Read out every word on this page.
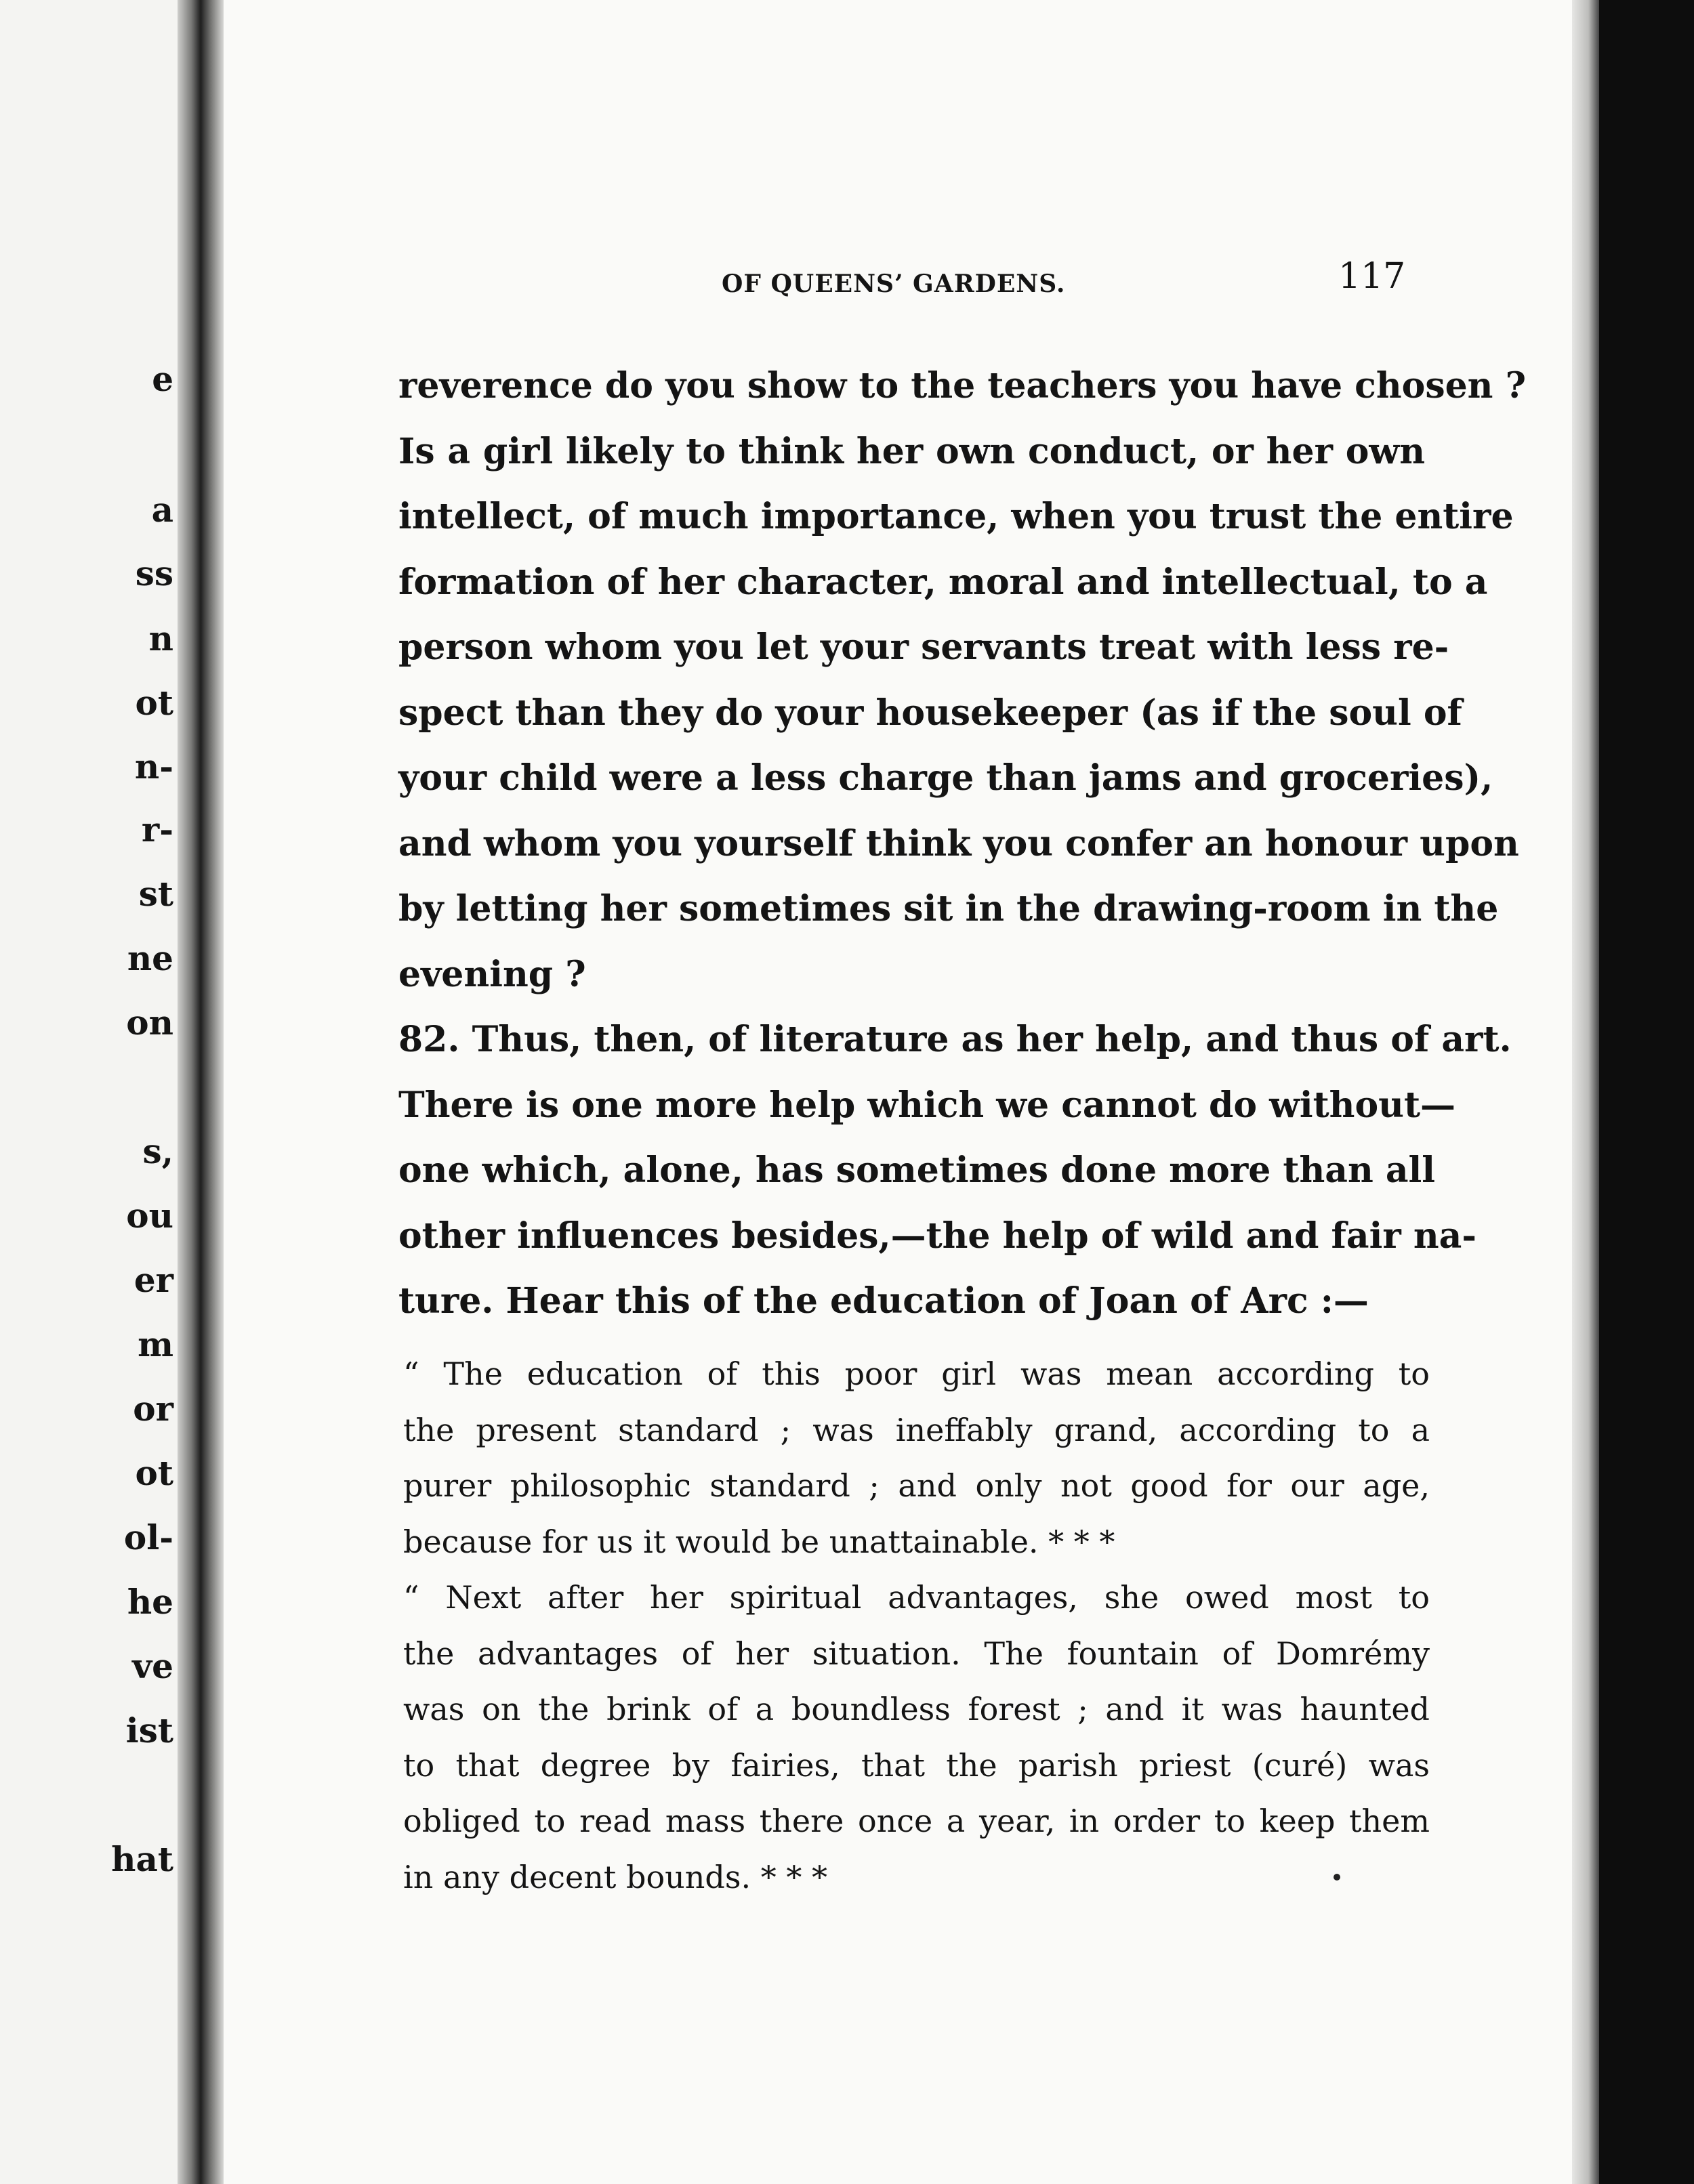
e
a
ss
n
ot
n-
r-
st
ne
on
s,
ou
er
m
or
ot
ol-
he
ve
ist
hat
OF QUEENS’ GARDENS.	117
reverence do you show to the teachers you have chosen ?
Is a girl likely to think her own conduct, or her own
intellect, of much importance, when you trust the entire
formation of her character, moral and intellectual, to a
person whom you let your servants treat with less re-
spect than they do your housekeeper (as if the soul of
your child were a less charge than jams and groceries),
and whom you yourself think you confer an honour upon
by letting her sometimes sit in the drawing-room in the
evening ?
82. Thus, then, of literature as her help, and thus of art.
There is one more help which we cannot do without—
one which, alone, has sometimes done more than all
other influences besides,—the help of wild and fair na-
ture. Hear this of the education of Joan of Arc :—
“ The education of this poor girl was mean according to
the present standard ; was ineffably grand, according to a
purer philosophic standard ; and only not good for our age,
because for us it would be unattainable. * * *
“ Next after her spiritual advantages, she owed most to
the advantages of her situation. The fountain of Domrémy
was on the brink of a boundless forest ; and it was haunted
to that degree by fairies, that the parish priest (curé) was
obliged to read mass there once a year, in order to keep them
in any decent bounds. * * *
